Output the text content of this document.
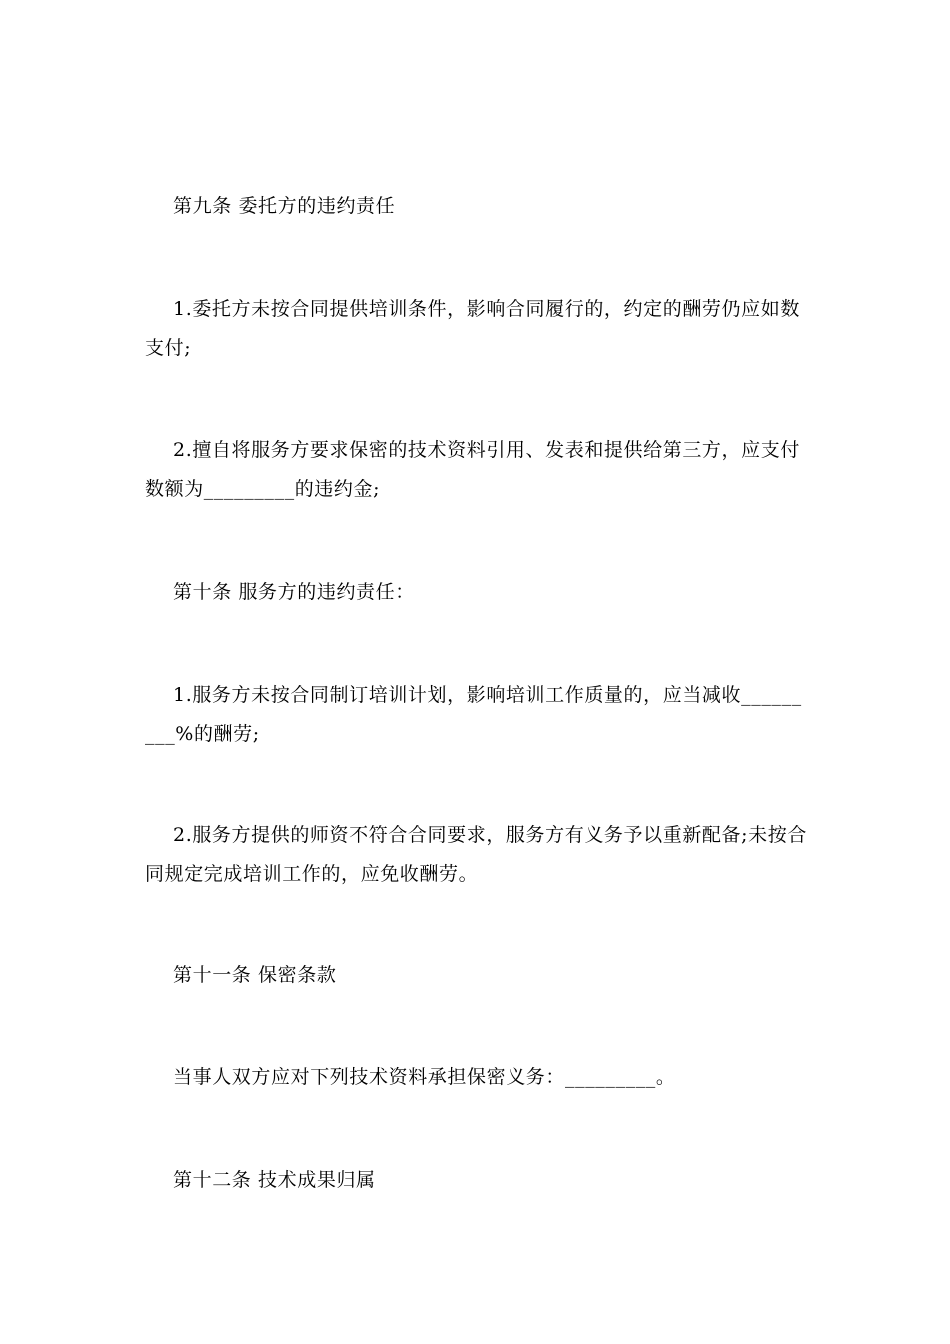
第九条 委托方的违约责任
1.委托方未按合同提供培训条件，影响合同履行的，约定的酬劳仍应如数支付;
2.擅自将服务方要求保密的技术资料引用、发表和提供给第三方，应支付数额为_________的违约金;
第十条 服务方的违约责任：
1.服务方未按合同制订培训计划，影响培训工作质量的，应当减收_________%的酬劳;
2.服务方提供的师资不符合合同要求，服务方有义务予以重新配备;未按合同规定完成培训工作的，应免收酬劳。
第十一条 保密条款
当事人双方应对下列技术资料承担保密义务：_________。
第十二条 技术成果归属
